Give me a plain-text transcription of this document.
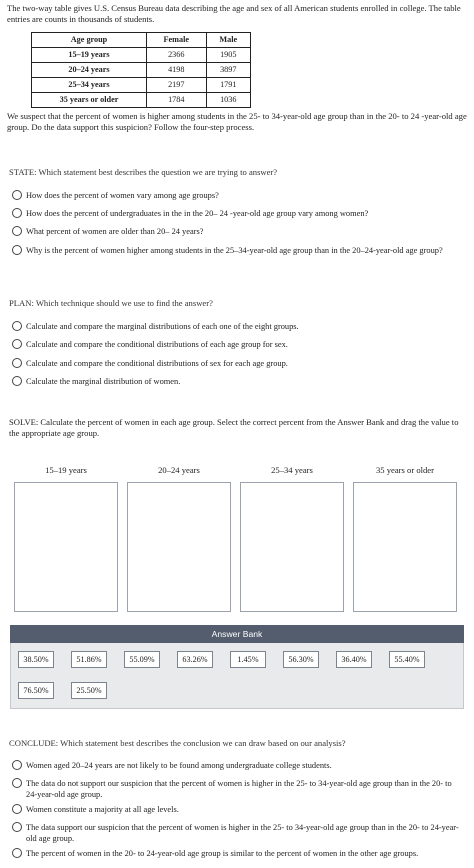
The two-way table gives U.S. Census Bureau data describing the age and sex of all American students enrolled in college. The table entries are counts in thousands of students.
Age group	Female	Male
15–19 years	2366	1905
20–24 years	4198	3897
25–34 years	2197	1791
35 years or older	1784	1036
We suspect that the percent of women is higher among students in the 25- to 34-year-old age group than in the 20- to 24 -year-old age group. Do the data support this suspicion? Follow the four-step process.
STATE: Which statement best describes the question we are trying to answer?
How does the percent of women vary among age groups?
How does the percent of undergraduates in the in the 20– 24 -year-old age group vary among women?
What percent of women are older than 20– 24 years?
Why is the percent of women higher among students in the 25–34-year-old age group than in the 20–24-year-old age group?
PLAN: Which technique should we use to find the answer?
Calculate and compare the marginal distributions of each one of the eight groups.
Calculate and compare the conditional distributions of each age group for sex.
Calculate and compare the conditional distributions of sex for each age group.
Calculate the marginal distribution of women.
SOLVE: Calculate the percent of women in each age group. Select the correct percent from the Answer Bank and drag the value to the appropriate age group.
15–19 years	20–24 years	25–34 years	35 years or older
Answer Bank
38.50%	51.86%	55.09%	63.26%	1.45%	56.30%	36.40%	55.40%
76.50%	25.50%
CONCLUDE: Which statement best describes the conclusion we can draw based on our analysis?
Women aged 20–24 years are not likely to be found among undergraduate college students.
The data do not support our suspicion that the percent of women is higher in the 25- to 34-year-old age group than in the 20- to 24-year-old age group.
Women constitute a majority at all age levels.
The data support our suspicion that the percent of women is higher in the 25- to 34-year-old age group than in the 20- to 24-year-old age group.
The percent of women in the 20- to 24-year-old age group is similar to the percent of women in the other age groups.
